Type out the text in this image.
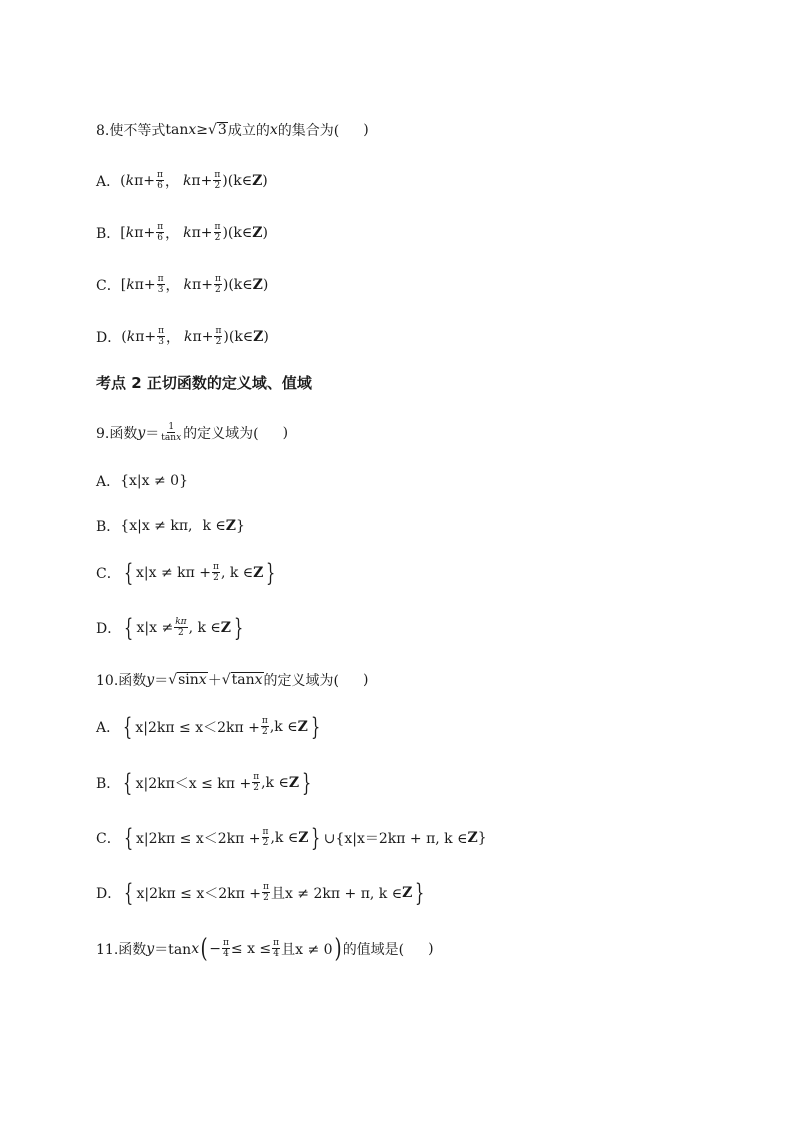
8.使不等式 tan x ≥ √ 3 成立的 x 的集合为( )
A． ( k $\pi + \frac{\pi}{6}$ ， k $\pi + \frac{\pi}{2}$ ) (k∈ Z )
B． [ k $\pi + \frac{\pi}{6}$ ， k $\pi + \frac{\pi}{2}$ ) (k∈ Z )
C． [ k $\pi + \frac{\pi}{3}$ ， k $\pi + \frac{\pi}{2}$ ) (k∈ Z )
D． ( k $\pi + \frac{\pi}{3}$ ， k $\pi + \frac{\pi}{2}$ ) (k∈ Z )
考点 2 正切函数的定义域、值域
9.函数 $y = \frac{1}{\tan x}$ 的定义域为( )
A． {x|x ≠ 0}
B． {x|x ≠ kπ, k ∈ Z }
C． { $x|x \ne k\pi + \frac{\pi}{2}$ , k ∈ Z }
D． { $x|x \ne \frac{k\pi}{2}$ , k ∈ Z }
10.函数 y ＝ √ sinx ＋ √ tanx 的定义域为( )
A． { $x|2k\pi \le x<2k\pi + \frac{\pi}{2} ,k$ ∈ Z }
B． { $x|2k\pi<x \le k\pi + \frac{\pi}{2} ,k$ ∈ Z }
C． { $x|2k\pi \le x<2k\pi + \frac{\pi}{2} ,k$ ∈ Z } ∪{x|x＝2kπ + π, k ∈ Z }
D． { $x|2k\pi \le x<2k\pi + \frac{\pi}{2}$ 且x ≠ 2kπ + π, k ∈ Z }
11.函数 y ＝tan x ( − $\frac{\pi}{4} \le x \le \frac{\pi}{4}$ 且x ≠ 0 ) 的值域是( )
